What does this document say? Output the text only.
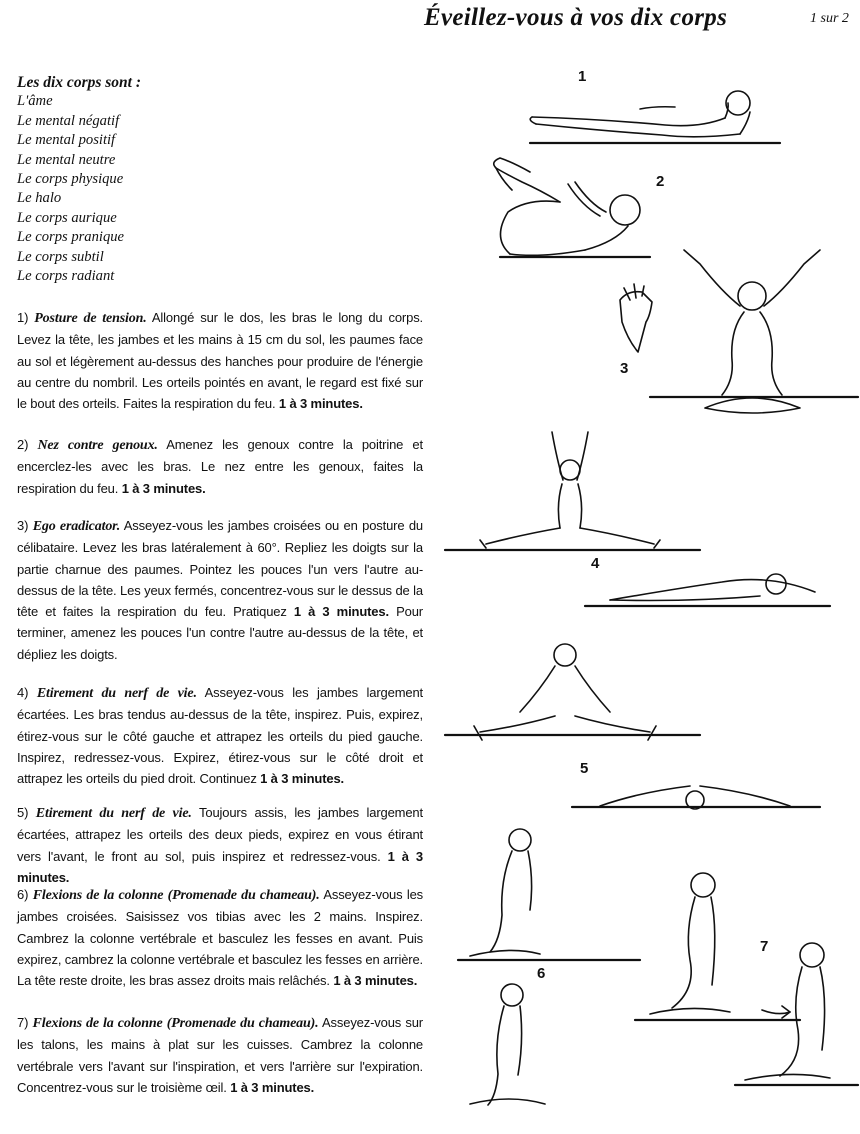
Éveillez-vous à vos dix corps	1 sur 2
Les dix corps sont :
L'âme
Le mental négatif
Le mental positif
Le mental neutre
Le corps physique
Le halo
Le corps aurique
Le corps pranique
Le corps subtil
Le corps radiant
1) Posture de tension. Allongé sur le dos, les bras le long du corps. Levez la tête, les jambes et les mains à 15 cm du sol, les paumes face au sol et légèrement au-dessus des hanches pour produire de l'énergie au centre du nombril. Les orteils pointés en avant, le regard est fixé sur le bout des orteils. Faites la respiration du feu. 1 à 3 minutes.
2) Nez contre genoux. Amenez les genoux contre la poitrine et encerclez-les avec les bras. Le nez entre les genoux, faites la respiration du feu. 1 à 3 minutes.
3) Ego eradicator. Asseyez-vous les jambes croisées ou en posture du célibataire. Levez les bras latéralement à 60°. Repliez les doigts sur la partie charnue des paumes. Pointez les pouces l'un vers l'autre au-dessus de la tête. Les yeux fermés, concentrez-vous sur le dessus de la tête et faites la respiration du feu. Pratiquez 1 à 3 minutes. Pour terminer, amenez les pouces l'un contre l'autre au-dessus de la tête, et dépliez les doigts.
4) Etirement du nerf de vie. Asseyez-vous les jambes largement écartées. Les bras tendus au-dessus de la tête, inspirez. Puis, expirez, étirez-vous sur le côté gauche et attrapez les orteils du pied gauche. Inspirez, redressez-vous. Expirez, étirez-vous sur le côté droit et attrapez les orteils du pied droit. Continuez 1 à 3 minutes.
5) Etirement du nerf de vie. Toujours assis, les jambes largement écartées, attrapez les orteils des deux pieds, expirez en vous étirant vers l'avant, le front au sol, puis inspirez et redressez-vous. 1 à 3 minutes.
6) Flexions de la colonne (Promenade du chameau). Asseyez-vous les jambes croisées. Saisissez vos tibias avec les 2 mains. Inspirez. Cambrez la colonne vertébrale et basculez les fesses en avant. Puis expirez, cambrez la colonne vertébrale et basculez les fesses en arrière. La tête reste droite, les bras assez droits mais relâchés. 1 à 3 minutes.
7) Flexions de la colonne (Promenade du chameau). Asseyez-vous sur les talons, les mains à plat sur les cuisses. Cambrez la colonne vertébrale vers l'avant sur l'inspiration, et vers l'arrière sur l'expiration. Concentrez-vous sur le troisième œil. 1 à 3 minutes.
1
2
3
4
5
6
7
